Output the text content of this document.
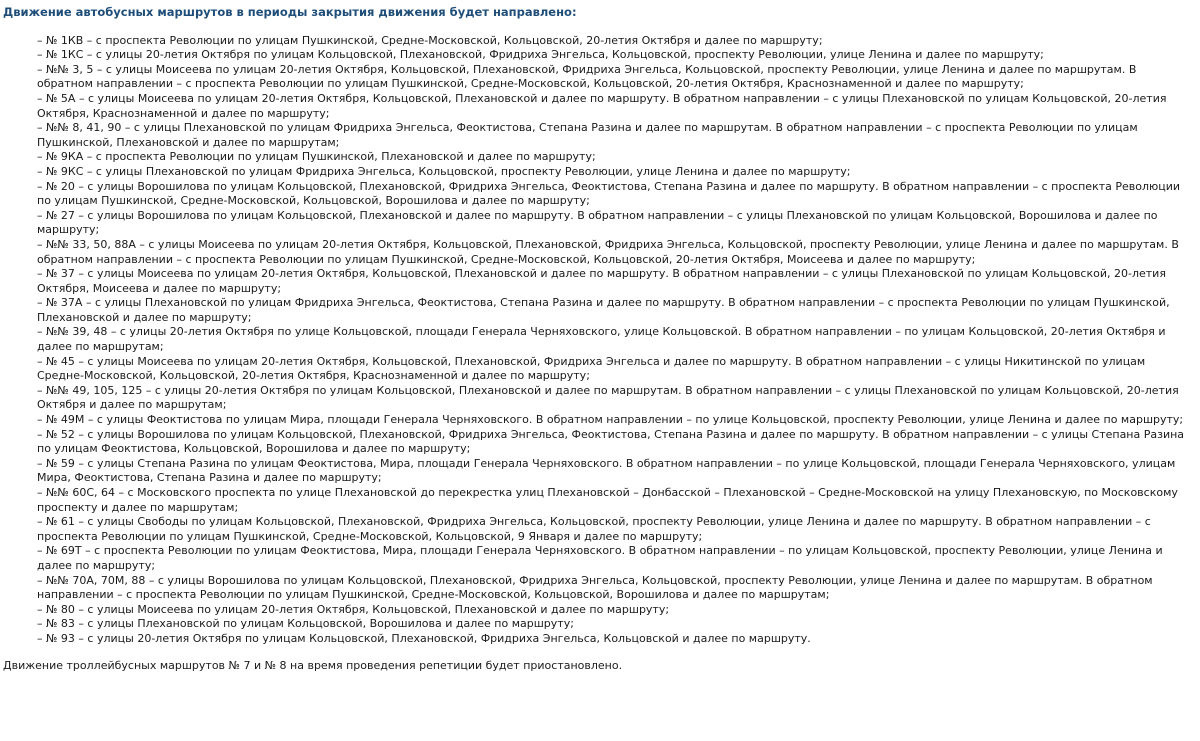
Движение автобусных маршрутов в периоды закрытия движения будет направлено:
– № 1КВ – с проспекта Революции по улицам Пушкинской, Средне-Московской, Кольцовской, 20-летия Октября и далее по маршруту;
– № 1КС – с улицы 20-летия Октября по улицам Кольцовской, Плехановской, Фридриха Энгельса, Кольцовской, проспекту Революции, улице Ленина и далее по маршруту;
– №№ 3, 5 – с улицы Моисеева по улицам 20-летия Октября, Кольцовской, Плехановской, Фридриха Энгельса, Кольцовской, проспекту Революции, улице Ленина и далее по маршрутам. В обратном направлении – с проспекта Революции по улицам Пушкинской, Средне-Московской, Кольцовской, 20-летия Октября, Краснознаменной и далее по маршруту;
– № 5А – с улицы Моисеева по улицам 20-летия Октября, Кольцовской, Плехановской и далее по маршруту. В обратном направлении – с улицы Плехановской по улицам Кольцовской, 20-летия Октября, Краснознаменной и далее по маршруту;
– №№ 8, 41, 90 – с улицы Плехановской по улицам Фридриха Энгельса, Феоктистова, Степана Разина и далее по маршрутам. В обратном направлении – с проспекта Революции по улицам Пушкинской, Плехановской и далее по маршрутам;
– № 9КА – с проспекта Революции по улицам Пушкинской, Плехановской и далее по маршруту;
– № 9КС – с улицы Плехановской по улицам Фридриха Энгельса, Кольцовской, проспекту Революции, улице Ленина и далее по маршруту;
– № 20 – с улицы Ворошилова по улицам Кольцовской, Плехановской, Фридриха Энгельса, Феоктистова, Степана Разина и далее по маршруту. В обратном направлении – с проспекта Революции по улицам Пушкинской, Средне-Московской, Кольцовской, Ворошилова и далее по маршруту;
– № 27 – с улицы Ворошилова по улицам Кольцовской, Плехановской и далее по маршруту. В обратном направлении – с улицы Плехановской по улицам Кольцовской, Ворошилова и далее по маршруту;
– №№ 33, 50, 88А – с улицы Моисеева по улицам 20-летия Октября, Кольцовской, Плехановской, Фридриха Энгельса, Кольцовской, проспекту Революции, улице Ленина и далее по маршрутам. В обратном направлении – с проспекта Революции по улицам Пушкинской, Средне-Московской, Кольцовской, 20-летия Октября, Моисеева и далее по маршруту;
– № 37 – с улицы Моисеева по улицам 20-летия Октября, Кольцовской, Плехановской и далее по маршруту. В обратном направлении – с улицы Плехановской по улицам Кольцовской, 20-летия Октября, Моисеева и далее по маршруту;
– № 37А – с улицы Плехановской по улицам Фридриха Энгельса, Феоктистова, Степана Разина и далее по маршруту. В обратном направлении – с проспекта Революции по улицам Пушкинской, Плехановской и далее по маршруту;
– №№ 39, 48 – с улицы 20-летия Октября по улице Кольцовской, площади Генерала Черняховского, улице Кольцовской. В обратном направлении – по улицам Кольцовской, 20-летия Октября и далее по маршрутам;
– № 45 – с улицы Моисеева по улицам 20-летия Октября, Кольцовской, Плехановской, Фридриха Энгельса и далее по маршруту. В обратном направлении – с улицы Никитинской по улицам Средне-Московской, Кольцовской, 20-летия Октября, Краснознаменной и далее по маршруту;
– №№ 49, 105, 125 – с улицы 20-летия Октября по улицам Кольцовской, Плехановской и далее по маршрутам. В обратном направлении – с улицы Плехановской по улицам Кольцовской, 20-летия Октября и далее по маршрутам;
– № 49М – с улицы Феоктистова по улицам Мира, площади Генерала Черняховского. В обратном направлении – по улице Кольцовской, проспекту Революции, улице Ленина и далее по маршруту;
– № 52 – с улицы Ворошилова по улицам Кольцовской, Плехановской, Фридриха Энгельса, Феоктистова, Степана Разина и далее по маршруту. В обратном направлении – с улицы Степана Разина по улицам Феоктистова, Кольцовской, Ворошилова и далее по маршруту;
– № 59 – с улицы Степана Разина по улицам Феоктистова, Мира, площади Генерала Черняховского. В обратном направлении – по улице Кольцовской, площади Генерала Черняховского, улицам Мира, Феоктистова, Степана Разина и далее по маршруту;
– №№ 60С, 64 – с Московского проспекта по улице Плехановской до перекрестка улиц Плехановской – Донбасской – Плехановской – Средне-Московской на улицу Плехановскую, по Московскому проспекту и далее по маршрутам;
– № 61 – с улицы Свободы по улицам Кольцовской, Плехановской, Фридриха Энгельса, Кольцовской, проспекту Революции, улице Ленина и далее по маршруту. В обратном направлении – с проспекта Революции по улицам Пушкинской, Средне-Московской, Кольцовской, 9 Января и далее по маршруту;
– № 69Т – с проспекта Революции по улицам Феоктистова, Мира, площади Генерала Черняховского. В обратном направлении – по улицам Кольцовской, проспекту Революции, улице Ленина и далее по маршруту;
– №№ 70А, 70М, 88 – с улицы Ворошилова по улицам Кольцовской, Плехановской, Фридриха Энгельса, Кольцовской, проспекту Революции, улице Ленина и далее по маршрутам. В обратном направлении – с проспекта Революции по улицам Пушкинской, Средне-Московской, Кольцовской, Ворошилова и далее по маршрутам;
– № 80 – с улицы Моисеева по улицам 20-летия Октября, Кольцовской, Плехановской и далее по маршруту;
– № 83 – с улицы Плехановской по улицам Кольцовской, Ворошилова и далее по маршруту;
– № 93 – с улицы 20-летия Октября по улицам Кольцовской, Плехановской, Фридриха Энгельса, Кольцовской и далее по маршруту.
Движение троллейбусных маршрутов № 7 и № 8 на время проведения репетиции будет приостановлено.
